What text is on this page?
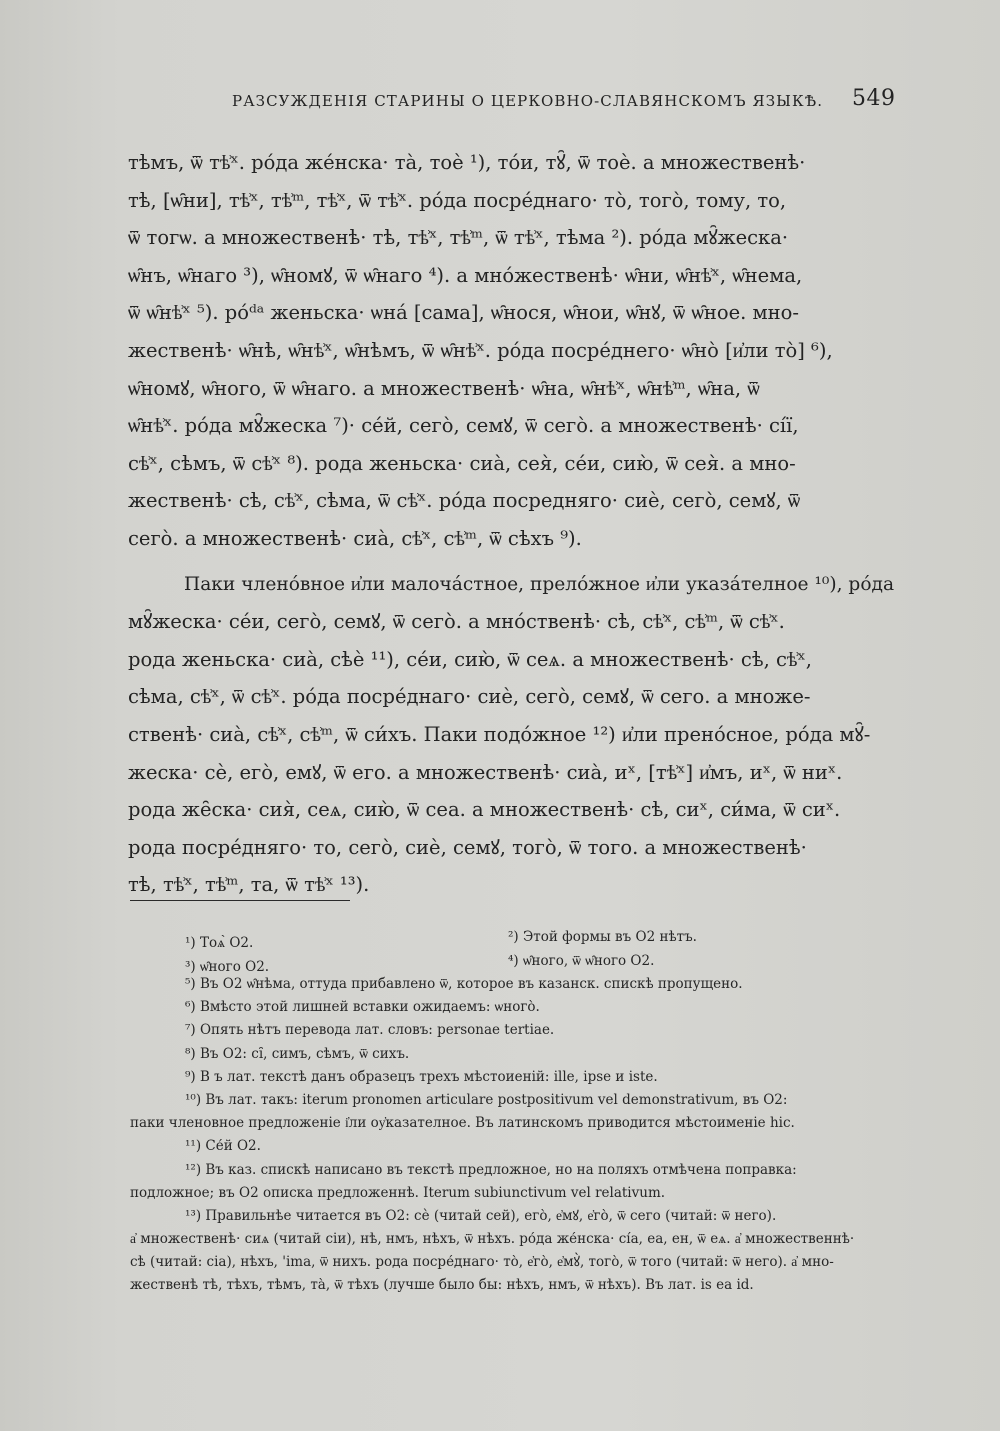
РАЗСУЖДЕНІЯ СТАРИНЫ О ЦЕРКОВНО-СЛАВЯНСКОМЪ ЯЗЫКѢ. 549
тѣмъ, ѿ тѣ͗ˣ. ро́да же́нска· та̀, тоѐ ¹), то́и, тꙋ̑, ѿ тоѐ. а множественѣ·
тѣ, [ѡ̑ни], тѣ͗ˣ, тѣ͗ᵐ, тѣ͗ˣ, ѿ тѣ͗ˣ. ро́да посре́днаго· то̀, того̀, тому, то,
ѿ тогѡ. а множественѣ· тѣ, тѣ͗ˣ, тѣ͗ᵐ, ѿ тѣ͗ˣ, тѣма ²). ро́да мꙋ̑жеска·
ѡ̑нъ, ѡ̑наго ³), ѡ̑номꙋ, ѿ ѡ̑наго ⁴). а мно́жественѣ· ѡ̑ни, ѡ̑нѣ͗ˣ, ѡ̑нема,
ѿ ѡ̑нѣ͗ˣ ⁵). ро́ᵈᵃ женьска· ѡна́ [сама], ѡ̑нося, ѡ̑нои, ѡ̑нꙋ, ѿ ѡ̑ное. мно-
жественѣ· ѡ̑нѣ, ѡ̑нѣ͗ˣ, ѡ̑нѣмъ, ѿ ѡ̑нѣ͗ˣ. ро́да посре́днего· ѡ̑но̀ [и҆ли то̀] ⁶),
ѡ̑номꙋ, ѡ̑ного, ѿ ѡ̑наго. а множественѣ· ѡ̑на, ѡ̑нѣ͗ˣ, ѡ̑нѣ͗ᵐ, ѡ̑на, ѿ
ѡ̑нѣ͗ˣ. ро́да мꙋ̑жеска ⁷)· се́й, сего̀, семꙋ, ѿ сего̀. а множественѣ· сі́ї,
сѣ͗ˣ, сѣмъ, ѿ сѣ͗ˣ ⁸). рода женьска· сиа̀, сея̀, се́и, сию̀, ѿ сея̀. а мно-
жественѣ· сѣ, сѣ͗ˣ, сѣма, ѿ сѣ͗ˣ. ро́да посредняго· сиѐ, сего̀, семꙋ, ѿ
сего̀. а множественѣ· сиа̀, сѣ͗ˣ, сѣ͗ᵐ, ѿ сѣхъ ⁹).
Паки членóвное и҆ли малочáстное, прелóжное и҆ли указáтелное ¹⁰), ро́да
мꙋ̑жеска· се́и, сего̀, семꙋ, ѿ сего̀. а мно́ственѣ· сѣ, сѣ͗ˣ, сѣ͗ᵐ, ѿ сѣ͗ˣ.
рода женьска· сиа̀, сѣѐ ¹¹), се́и, сию̀, ѿ сеѧ. а множественѣ· сѣ, сѣ͗ˣ,
сѣма, сѣ͗ˣ, ѿ сѣ͗ˣ. ро́да посре́днаго· сиѐ, сего̀, семꙋ, ѿ сего. а множе-
ственѣ· сиа̀, сѣ͗ˣ, сѣ͗ᵐ, ѿ си́хъ. Паки подо́жное ¹²) и҆ли прено́сное, ро́да мꙋ̑-
жеска· сѐ, его̀, емꙋ, ѿ его. а множественѣ· сиа̀, иˣ, [тѣ͗ˣ] и҆мъ, иˣ, ѿ ниˣ.
рода же̑ска· сия̀, сеѧ, сию̀, ѿ сеа. а множественѣ· сѣ, сиˣ, си́ма, ѿ сиˣ.
рода посре́дняго· то, сего̀, сиѐ, семꙋ, того̀, ѿ того. а множественѣ·
тѣ, тѣ͗ˣ, тѣ͗ᵐ, та, ѿ тѣ͗ˣ ¹³).
¹) Тоѧ̀ О2.	²) Этой формы въ О2 нѣтъ.
³) ѡ̑ного О2.	⁴) ѡ̑ного, ѿ ѡ̑ного О2.
⁵) Въ О2 ѡ̑нѣма, оттуда прибавлено ѿ, которое въ казанск. спискѣ пропущено.
⁶) Вмѣсто этой лишней вставки ожидаемъ: ѡного̀.
⁷) Опять нѣтъ перевода лат. словъ: personae tertiae.
⁸) Въ О2: сі̑, симъ, сѣмъ, ѿ сихъ.
⁹) В ъ лат. текстѣ данъ образецъ трехъ мѣстоиеній: ille, ipse и iste.
¹⁰) Въ лат. такъ: iterum pronomen articulare postpositivum vel demonstrativum, въ О2:
паки членовное предложеніе і҆ли оу҆казателное. Въ латинскомъ приводится мѣстоименіе hic.
¹¹) Се́й О2.
¹²) Въ каз. спискѣ написано въ текстѣ предложное, но на поляхъ отмѣчена поправка:
подложное; въ О2 описка предложеннѣ. Iterum subiunctivum vel relativum.
¹³) Правильнѣе читается въ О2: сѐ (читай сей), его̀, е҆мꙋ, е҆го̀, ѿ сего (читай: ѿ него).
а҆ множественѣ· сиѧ (читай сіи), нѣ, нмъ, нѣхъ, ѿ нѣхъ. ро́да же́нска· сі́а, еа, ен, ѿ еѧ. а҆ множественнѣ·
сѣ (читай: сіа), нѣхъ, 'ima, ѿ нихъ. рода посре́днаго· то̀, е҆го̀, е҆мꙋ̀, того̀, ѿ того (читай: ѿ него). а҆ мно-
жественѣ тѣ, тѣхъ, тѣмъ, та̀, ѿ тѣхъ (лучше было бы: нѣхъ, нмъ, ѿ нѣхъ). Въ лат. is ea id.
